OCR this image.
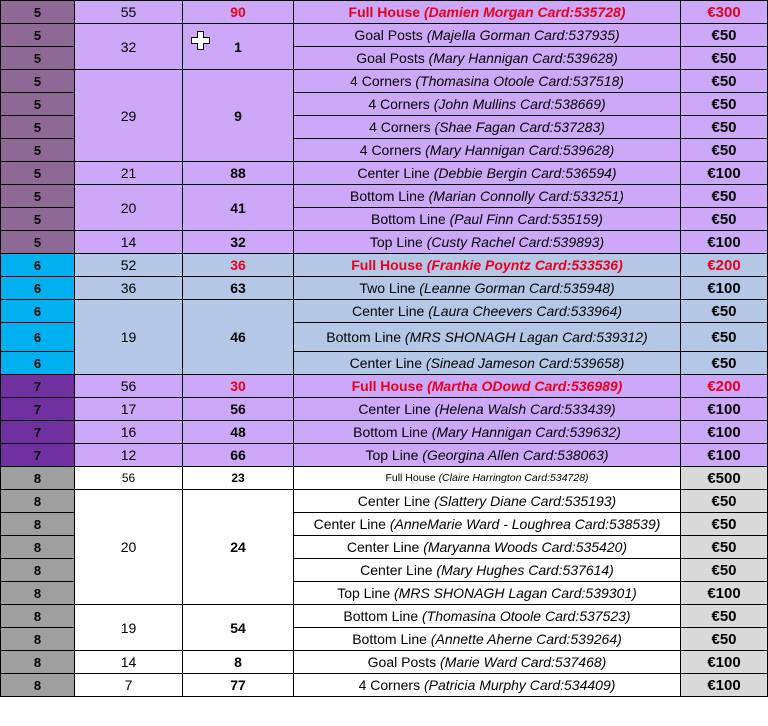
5	55	90	Full House (Damien Morgan Card:535728)	€300
5	32	1	Goal Posts (Majella Gorman Card:537935)	€50
5			Goal Posts (Mary Hannigan Card:539628)	€50
5	29	9	4 Corners (Thomasina Otoole Card:537518)	€50
5			4 Corners (John Mullins Card:538669)	€50
5			4 Corners (Shae Fagan Card:537283)	€50
5			4 Corners (Mary Hannigan Card:539628)	€50
5	21	88	Center Line (Debbie Bergin Card:536594)	€100
5	20	41	Bottom Line (Marian Connolly Card:533251)	€50
5			Bottom Line (Paul Finn Card:535159)	€50
5	14	32	Top Line (Custy Rachel Card:539893)	€100
6	52	36	Full House (Frankie Poyntz Card:533536)	€200
6	36	63	Two Line (Leanne Gorman Card:535948)	€100
6	19	46	Center Line (Laura Cheevers Card:533964)	€50
6			Bottom Line (MRS SHONAGH Lagan Card:539312)	€50
6			Center Line (Sinead Jameson Card:539658)	€50
7	56	30	Full House (Martha ODowd Card:536989)	€200
7	17	56	Center Line (Helena Walsh Card:533439)	€100
7	16	48	Bottom Line (Mary Hannigan Card:539632)	€100
7	12	66	Top Line (Georgina Allen Card:538063)	€100
8	56	23	Full House (Claire Harrington Card:534728)	€500
8	20	24	Center Line (Slattery Diane Card:535193)	€50
8			Center Line (AnneMarie Ward - Loughrea Card:538539)	€50
8			Center Line (Maryanna Woods Card:535420)	€50
8			Center Line (Mary Hughes Card:537614)	€50
8			Top Line (MRS SHONAGH Lagan Card:539301)	€100
8	19	54	Bottom Line (Thomasina Otoole Card:537523)	€50
8			Bottom Line (Annette Aherne Card:539264)	€50
8	14	8	Goal Posts (Marie Ward Card:537468)	€100
8	7	77	4 Corners (Patricia Murphy Card:534409)	€100
